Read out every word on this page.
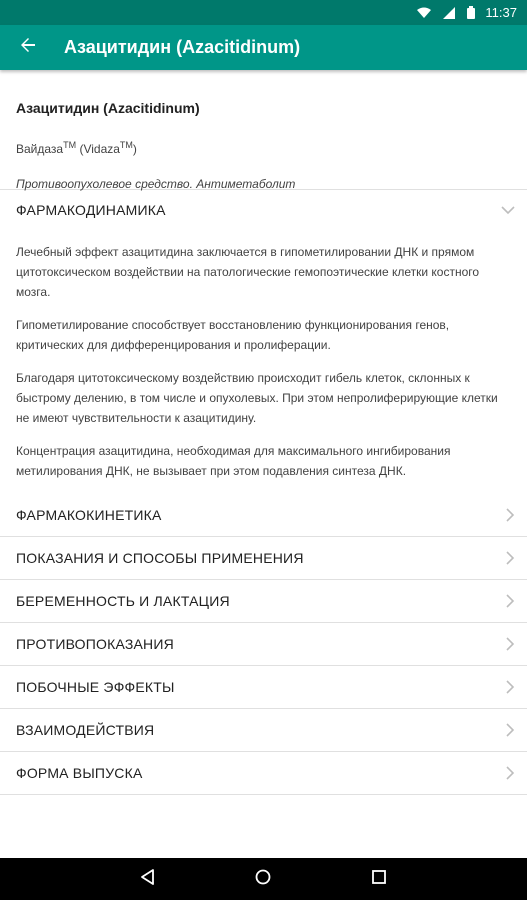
11:37
Азацитидин (Azacitidinum)
Азацитидин (Azacitidinum)
Вайдаза™ (Vidaza™)
Противоопухолевое средство. Антиметаболит
ФАРМАКОДИНАМИКА

Лечебный эффект азацитидина заключается в гипометилировании ДНК и прямом цитотоксическом воздействии на патологические гемопоэтические клетки костного мозга.

Гипометилирование способствует восстановлению функционирования генов, критических для дифференцирования и пролиферации.

Благодаря цитотоксическому воздействию происходит гибель клеток, склонных к быстрому делению, в том числе и опухолевых. При этом непролиферирующие клетки не имеют чувствительности к азацитидину.

Концентрация азацитидина, необходимая для максимального ингибирования метилирования ДНК, не вызывает при этом подавления синтеза ДНК.

ФАРМАКОКИНЕТИКА
ПОКАЗАНИЯ И СПОСОБЫ ПРИМЕНЕНИЯ
БЕРЕМЕННОСТЬ И ЛАКТАЦИЯ
ПРОТИВОПОКАЗАНИЯ
ПОБОЧНЫЕ ЭФФЕКТЫ
ВЗАИМОДЕЙСТВИЯ
ФОРМА ВЫПУСКА
